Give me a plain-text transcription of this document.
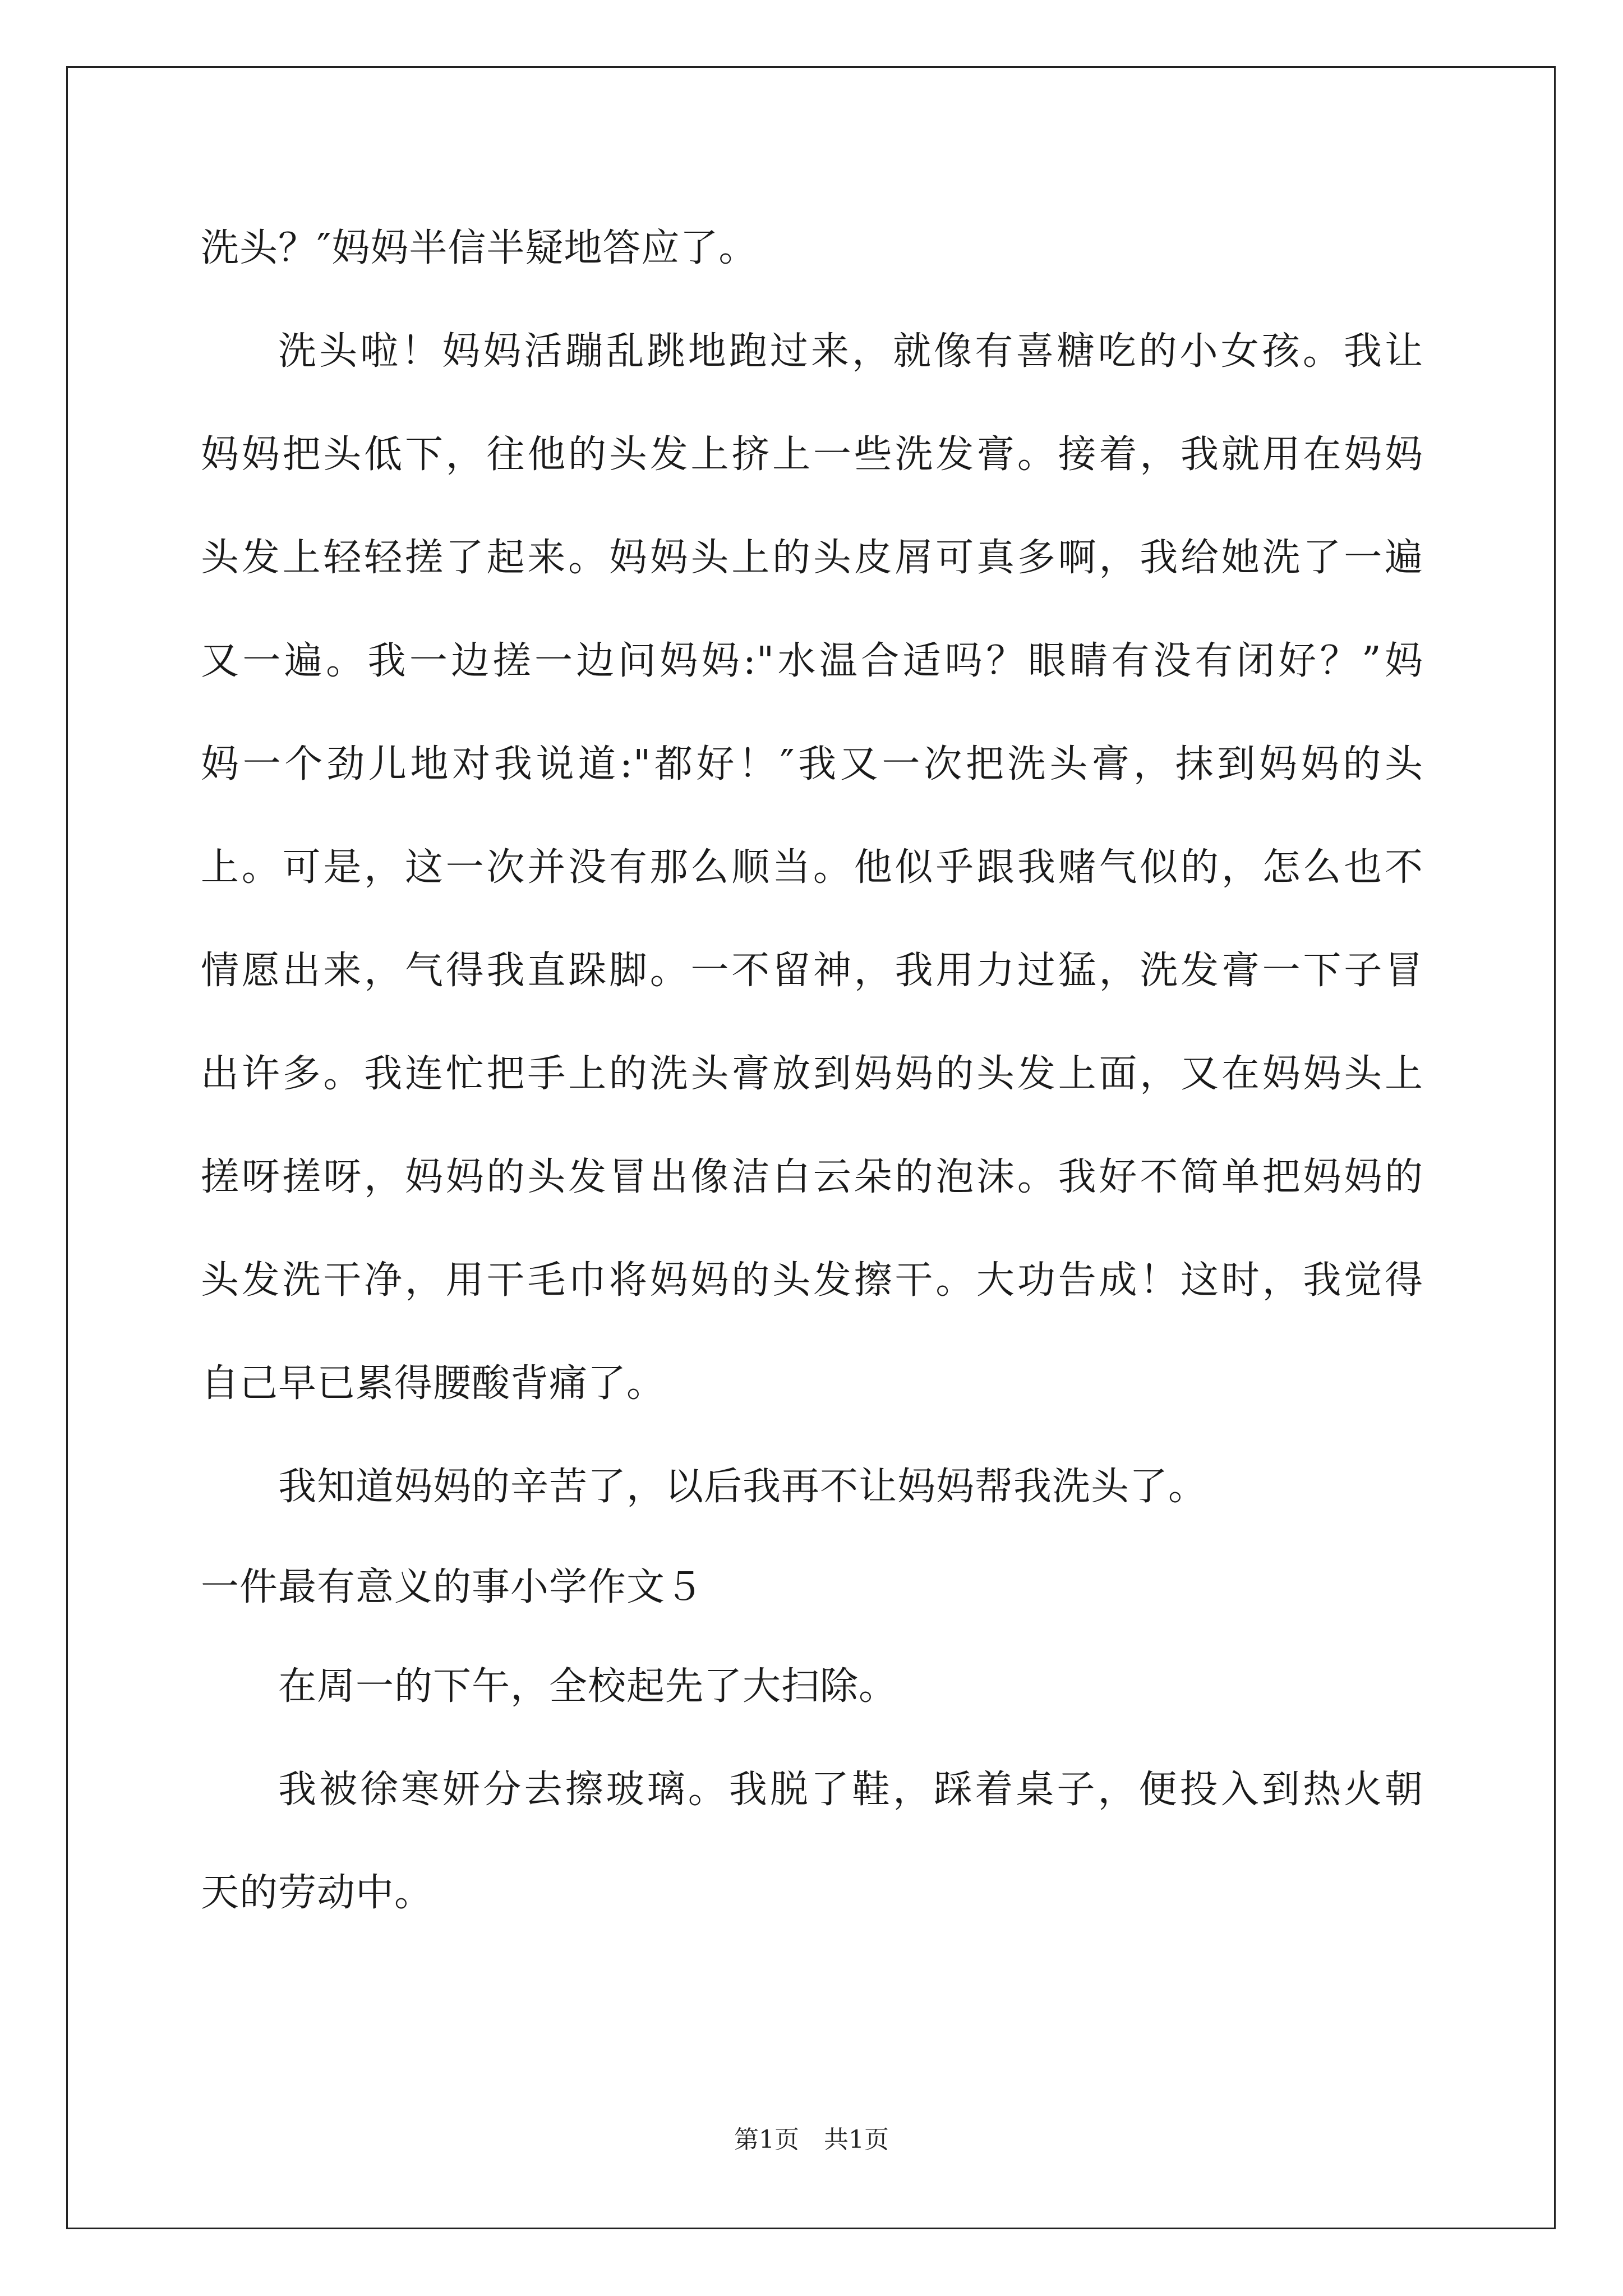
洗头？″妈妈半信半疑地答应了。
洗头啦！妈妈活蹦乱跳地跑过来，就像有喜糖吃的小女孩。我让
妈妈把头低下，往他的头发上挤上一些洗发膏。接着，我就用在妈妈
头发上轻轻搓了起来。妈妈头上的头皮屑可真多啊，我给她洗了一遍
又一遍。我一边搓一边问妈妈:"水温合适吗？眼睛有没有闭好？”妈
妈一个劲儿地对我说道:"都好！″我又一次把洗头膏，抹到妈妈的头
上。可是，这一次并没有那么顺当。他似乎跟我赌气似的，怎么也不
情愿出来，气得我直跺脚。一不留神，我用力过猛，洗发膏一下子冒
出许多。我连忙把手上的洗头膏放到妈妈的头发上面，又在妈妈头上
搓呀搓呀，妈妈的头发冒出像洁白云朵的泡沫。我好不简单把妈妈的
头发洗干净，用干毛巾将妈妈的头发擦干。大功告成！这时，我觉得
自己早已累得腰酸背痛了。
我知道妈妈的辛苦了，以后我再不让妈妈帮我洗头了。
一件最有意义的事小学作文５
在周一的下午，全校起先了大扫除。
我被徐寒妍分去擦玻璃。我脱了鞋，踩着桌子，便投入到热火朝
天的劳动中。
第1页　共1页
